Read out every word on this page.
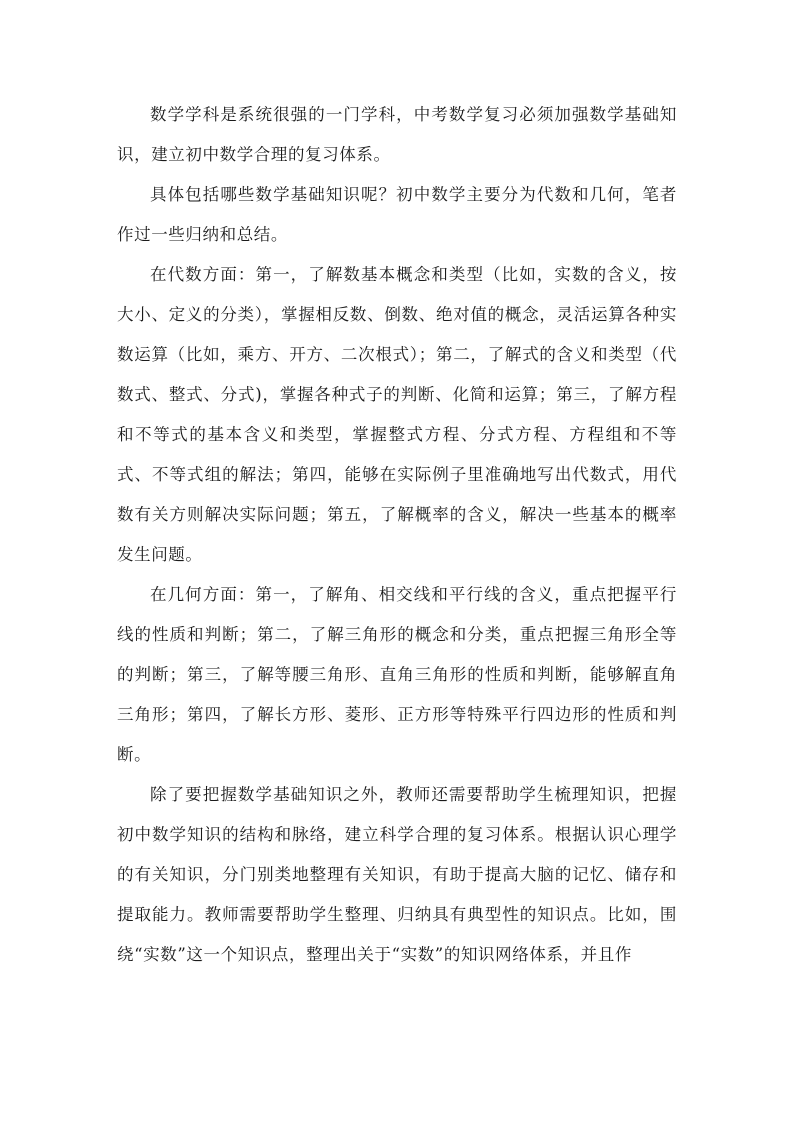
数学学科是系统很强的一门学科，中考数学复习必须加强数学基础知识，建立初中数学合理的复习体系。

具体包括哪些数学基础知识呢？初中数学主要分为代数和几何，笔者作过一些归纳和总结。

在代数方面：第一，了解数基本概念和类型（比如，实数的含义，按大小、定义的分类），掌握相反数、倒数、绝对值的概念，灵活运算各种实数运算（比如，乘方、开方、二次根式）；第二，了解式的含义和类型（代数式、整式、分式)，掌握各种式子的判断、化简和运算；第三，了解方程和不等式的基本含义和类型，掌握整式方程、分式方程、方程组和不等式、不等式组的解法；第四，能够在实际例子里准确地写出代数式，用代数有关方则解决实际问题；第五，了解概率的含义，解决一些基本的概率发生问题。

在几何方面：第一，了解角、相交线和平行线的含义，重点把握平行线的性质和判断；第二，了解三角形的概念和分类，重点把握三角形全等的判断；第三，了解等腰三角形、直角三角形的性质和判断，能够解直角三角形；第四，了解长方形、菱形、正方形等特殊平行四边形的性质和判断。

除了要把握数学基础知识之外，教师还需要帮助学生梳理知识，把握初中数学知识的结构和脉络，建立科学合理的复习体系。根据认识心理学的有关知识，分门别类地整理有关知识，有助于提高大脑的记忆、储存和提取能力。教师需要帮助学生整理、归纳具有典型性的知识点。比如，围绕“实数”这一个知识点，整理出关于“实数”的知识网络体系，并且作
